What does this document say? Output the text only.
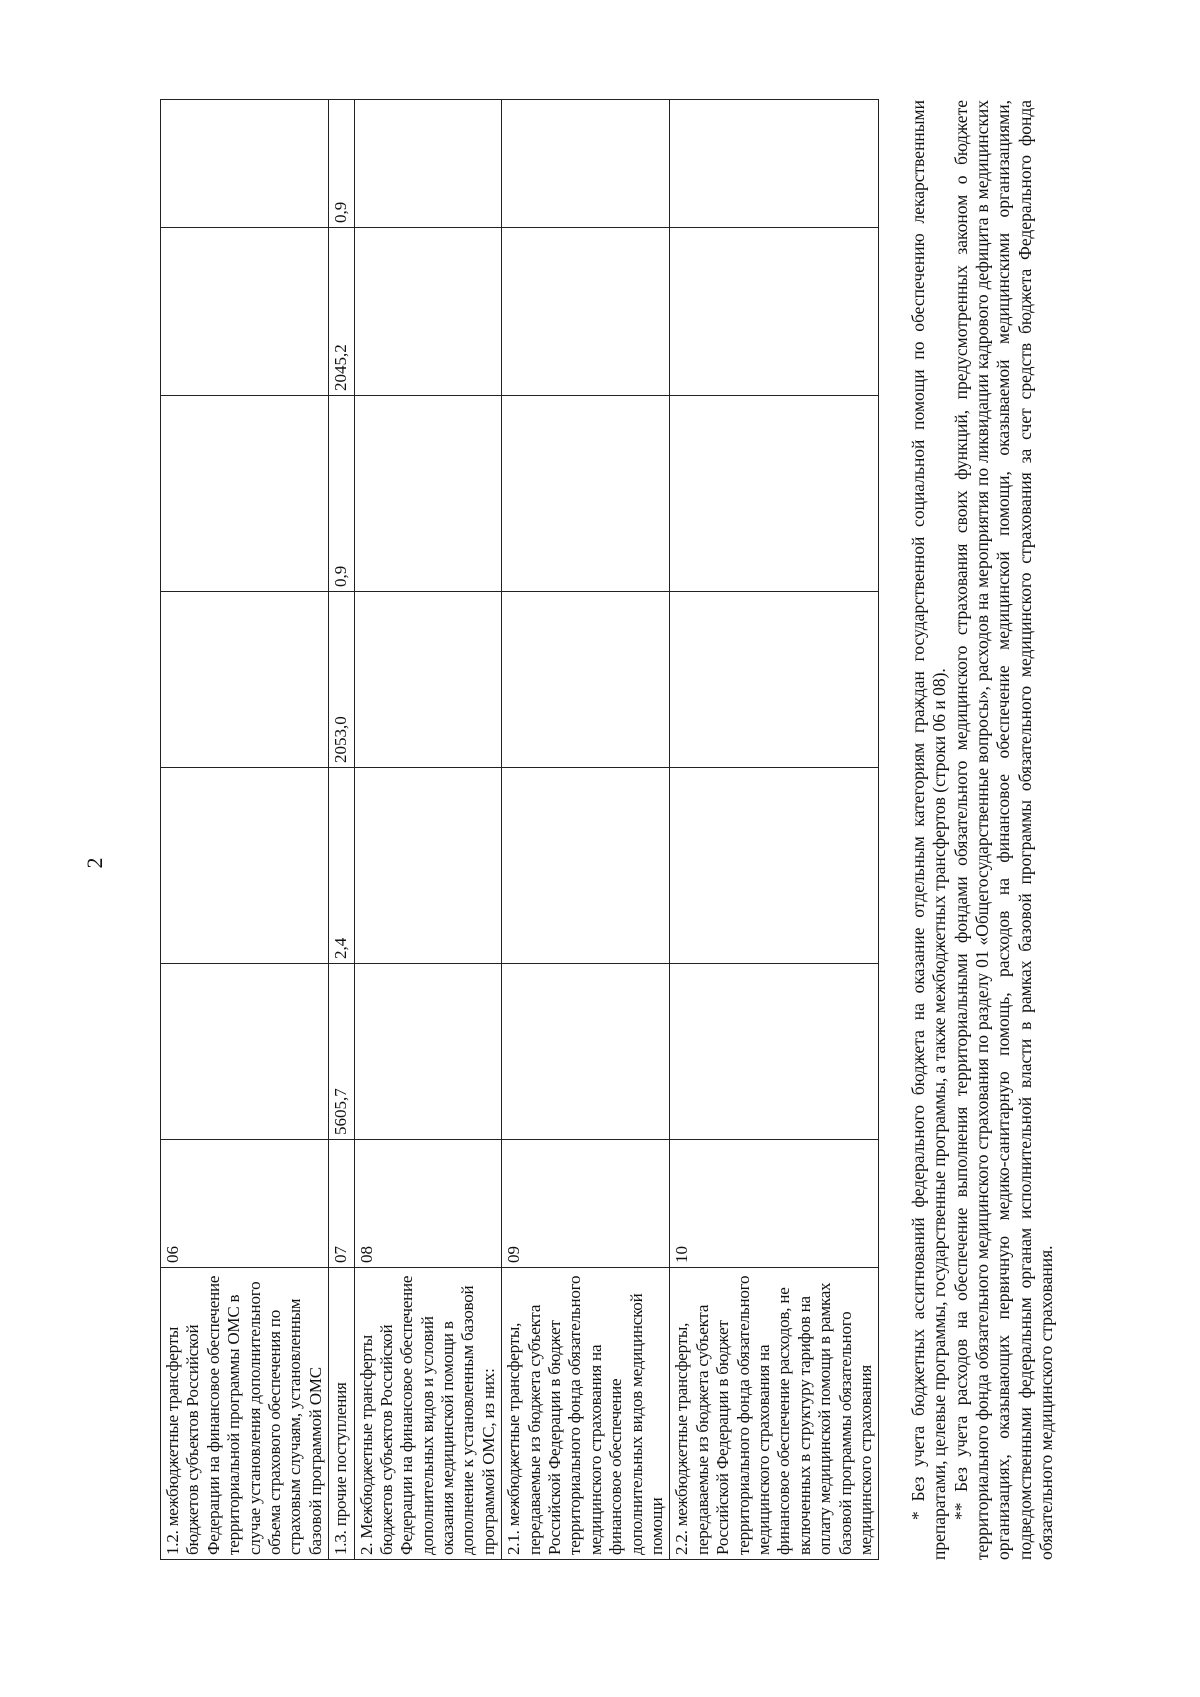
2
1.2. межбюджетные трансферты бюджетов субъектов Российской Федерации на финансовое обеспечение территориальной программы ОМС в случае установления дополнительного объема страхового обеспечения по страховым случаям, установленным базовой программой ОМС	06						
1.3. прочие поступления	07	5605,7	2,4	2053,0	0,9	2045,2	0,9
2. Межбюджетные трансферты бюджетов субъектов Российской Федерации на финансовое обеспечение дополнительных видов и условий оказания медицинской помощи в дополнение к установленным базовой программой ОМС, из них:	08						
2.1. межбюджетные трансферты, передаваемые из бюджета субъекта Российской Федерации в бюджет территориального фонда обязательного медицинского страхования на финансовое обеспечение дополнительных видов медицинской помощи	09						
2.2. межбюджетные трансферты, передаваемые из бюджета субъекта Российской Федерации в бюджет территориального фонда обязательного медицинского страхования на финансовое обеспечение расходов, не включенных в структуру тарифов на оплату медицинской помощи в рамках базовой программы обязательного медицинского страхования	10							* Без учета бюджетных ассигнований федерального бюджета на оказание отдельным категориям граждан государственной социальной помощи по обеспечению лекарственными препаратами, целевые программы, государственные программы, а также межбюджетных трансфертов (строки 06 и 08). ** Без учета расходов на обеспечение выполнения территориальными фондами обязательного медицинского страхования своих функций, предусмотренных законом о бюджете территориального фонда обязательного медицинского страхования по разделу 01 «Общегосударственные вопросы», расходов на мероприятия по ликвидации кадрового дефицита в медицинских организациях, оказывающих первичную медико-санитарную помощь, расходов на финансовое обеспечение медицинской помощи, оказываемой медицинскими организациями, подведомственными федеральным органам исполнительной власти в рамках базовой программы обязательного медицинского страхования за счет средств бюджета Федерального фонда обязательного медицинского страхования.
